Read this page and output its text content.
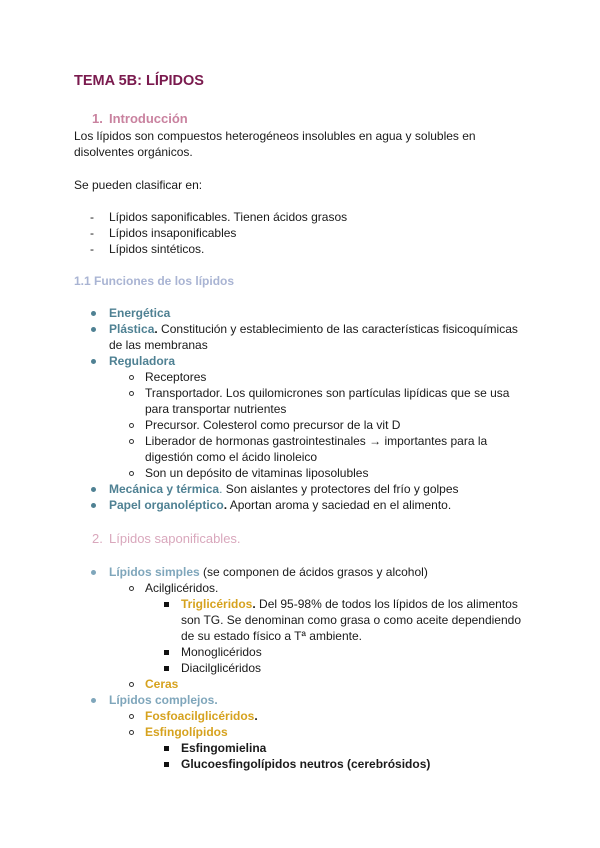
TEMA 5B: LÍPIDOS
1. Introducción
Los lípidos son compuestos heterogéneos insolubles en agua y solubles en
disolventes orgánicos.
Se pueden clasificar en:
- Lípidos saponificables. Tienen ácidos grasos
- Lípidos insaponificables
- Lípidos sintéticos.
1.1 Funciones de los lípidos
Energética
Plástica. Constitución y establecimiento de las características fisicoquímicas
de las membranas
Reguladora
Receptores
Transportador. Los quilomicrones son partículas lipídicas que se usa
para transportar nutrientes
Precursor. Colesterol como precursor de la vit D
Liberador de hormonas gastrointestinales → importantes para la
digestión como el ácido linoleico
Son un depósito de vitaminas liposolubles
Mecánica y térmica. Son aislantes y protectores del frío y golpes
Papel organoléptico. Aportan aroma y saciedad en el alimento.
2. Lípidos saponificables.
Lípidos simples (se componen de ácidos grasos y alcohol)
Acilglicéridos.
Triglicéridos. Del 95-98% de todos los lípidos de los alimentos
son TG. Se denominan como grasa o como aceite dependiendo
de su estado físico a Tª ambiente.
Monoglicéridos
Diacilglicéridos
Ceras
Lípidos complejos.
Fosfoacilglicéridos.
Esfingolípidos
Esfingomielina
Glucoesfingolípidos neutros (cerebrósidos)
